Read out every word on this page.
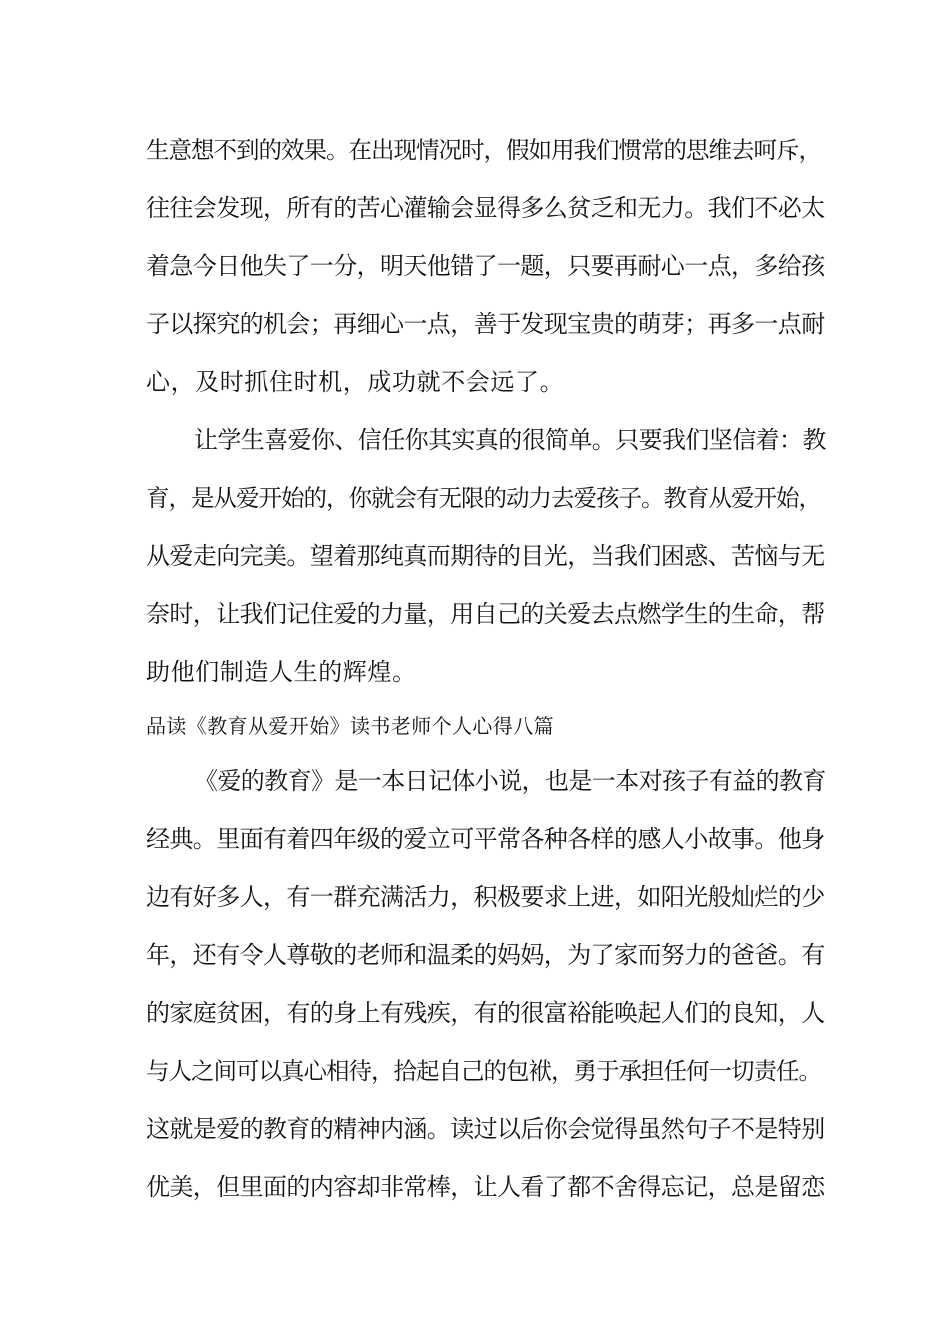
生意想不到的效果。在出现情况时，假如用我们惯常的思维去呵斥，
往往会发现，所有的苦心灌输会显得多么贫乏和无力。我们不必太
着急今日他失了一分，明天他错了一题，只要再耐心一点，多给孩
子以探究的机会；再细心一点，善于发现宝贵的萌芽；再多一点耐
心，及时抓住时机，成功就不会远了。
让学生喜爱你、信任你其实真的很简单。只要我们坚信着：教
育，是从爱开始的，你就会有无限的动力去爱孩子。教育从爱开始，
从爱走向完美。望着那纯真而期待的目光，当我们困惑、苦恼与无
奈时，让我们记住爱的力量，用自己的关爱去点燃学生的生命，帮
助他们制造人生的辉煌。
品读《教育从爱开始》读书老师个人心得八篇
《爱的教育》是一本日记体小说，也是一本对孩子有益的教育
经典。里面有着四年级的爱立可平常各种各样的感人小故事。他身
边有好多人，有一群充满活力，积极要求上进，如阳光般灿烂的少
年，还有令人尊敬的老师和温柔的妈妈，为了家而努力的爸爸。有
的家庭贫困，有的身上有残疾，有的很富裕能唤起人们的良知，人
与人之间可以真心相待，拾起自己的包袱，勇于承担任何一切责任。
这就是爱的教育的精神内涵。读过以后你会觉得虽然句子不是特别
优美，但里面的内容却非常棒，让人看了都不舍得忘记，总是留恋
